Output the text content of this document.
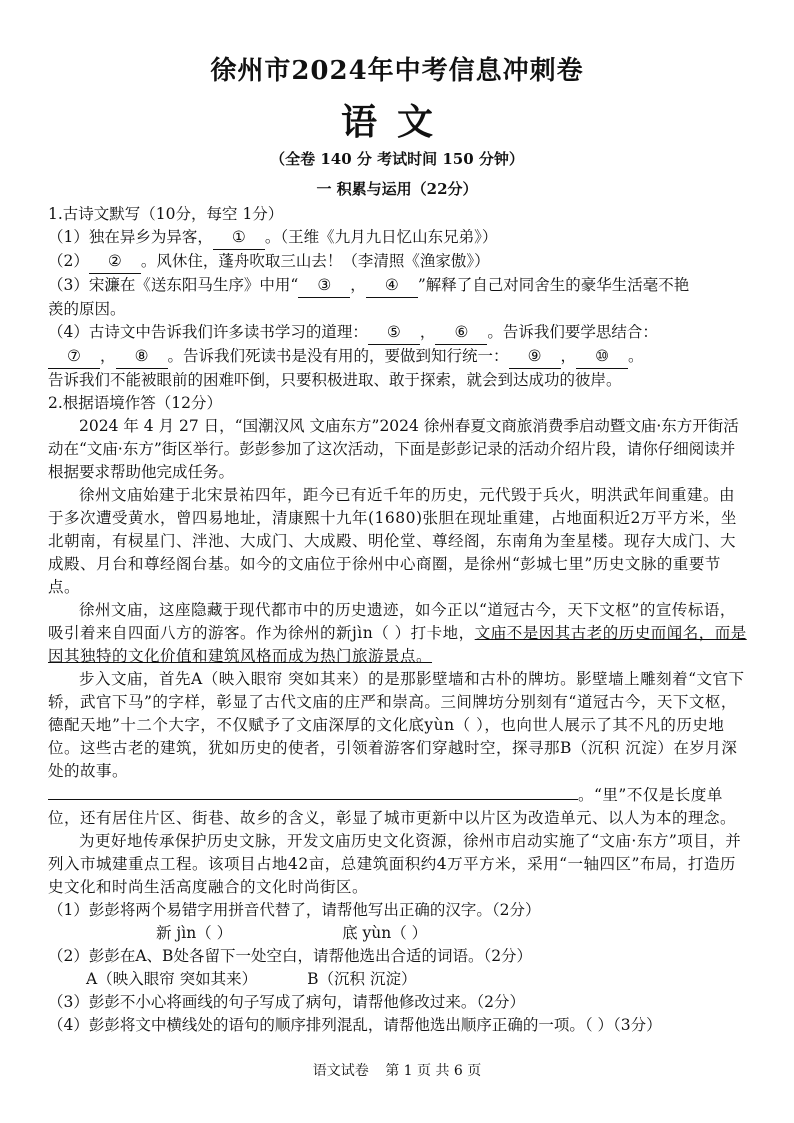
徐州市2024年中考信息冲刺卷
语文
（全卷 140 分 考试时间 150 分钟）
一 积累与运用（22分）

1.古诗文默写（10分，每空 1分）

（1）独在异乡为异客， ① 。（王维《九月九日忆山东兄弟》）

（2） ② 。风休住，蓬舟吹取三山去！（李清照《渔家傲》）

（3）宋濂在《送东阳马生序》中用“ ③ ， ④ ”解释了自己对同舍生的豪华生活毫不艳

羡的原因。

（4）古诗文中告诉我们许多读书学习的道理： ⑤ ， ⑥ 。告诉我们要学思结合：

⑦ ， ⑧ 。告诉我们死读书是没有用的，要做到知行统一： ⑨ ， ⑩ 。

告诉我们不能被眼前的困难吓倒，只要积极进取、敢于探索，就会到达成功的彼岸。

2.根据语境作答（12分）

2024 年 4 月 27 日，“国潮汉风 文庙东方”2024 徐州春夏文商旅消费季启动暨文庙·东方开街活动在“文庙·东方”街区举行。彭彭参加了这次活动，下面是彭彭记录的活动介绍片段，请你仔细阅读并根据要求帮助他完成任务。

徐州文庙始建于北宋景祐四年，距今已有近千年的历史，元代毁于兵火，明洪武年间重建。由于多次遭受黄水，曾四易地址，清康熙十九年(1680)张胆在现址重建，占地面积近2万平方米，坐北朝南，有棂星门、泮池、大成门、大成殿、明伦堂、尊经阁，东南角为奎星楼。现存大成门、大成殿、月台和尊经阁台基。如今的文庙位于徐州中心商圈，是徐州“彭城七里”历史文脉的重要节点。

徐州文庙，这座隐藏于现代都市中的历史遗迹，如今正以“道冠古今，天下文枢”的宣传标语，吸引着来自四面八方的游客。作为徐州的新jìn（ ）打卡地，文庙不是因其古老的历史而闻名，而是因其独特的文化价值和建筑风格而成为热门旅游景点。

步入文庙，首先A（映入眼帘 突如其来）的是那影壁墙和古朴的牌坊。影壁墙上雕刻着“文官下轿，武官下马”的字样，彰显了古代文庙的庄严和崇高。三间牌坊分别刻有“道冠古今，天下文枢，德配天地”十二个大字，不仅赋予了文庙深厚的文化底yùn（ ），也向世人展示了其不凡的历史地位。这些古老的建筑，犹如历史的使者，引领着游客们穿越时空，探寻那B（沉积 沉淀）在岁月深处的故事。

。“里”不仅是长度单位，还有居住片区、街巷、故乡的含义，彰显了城市更新中以片区为改造单元、以人为本的理念。

为更好地传承保护历史文脉，开发文庙历史文化资源，徐州市启动实施了“文庙·东方”项目，并列入市城建重点工程。该项目占地42亩，总建筑面积约4万平方米，采用“一轴四区”布局，打造历史文化和时尚生活高度融合的文化时尚街区。

（1）彭彭将两个易错字用拼音代替了，请帮他写出正确的汉字。（2分）

新 jìn（ ）	底 yùn（ ）

（2）彭彭在A、B处各留下一处空白，请帮他选出合适的词语。（2分）

A（映入眼帘 突如其来）	B（沉积 沉淀）

（3）彭彭不小心将画线的句子写成了病句，请帮他修改过来。（2分）

（4）彭彭将文中横线处的语句的顺序排列混乱，请帮他选出顺序正确的一项。（ ）（3分）

语文试卷 第 1 页 共 6 页
